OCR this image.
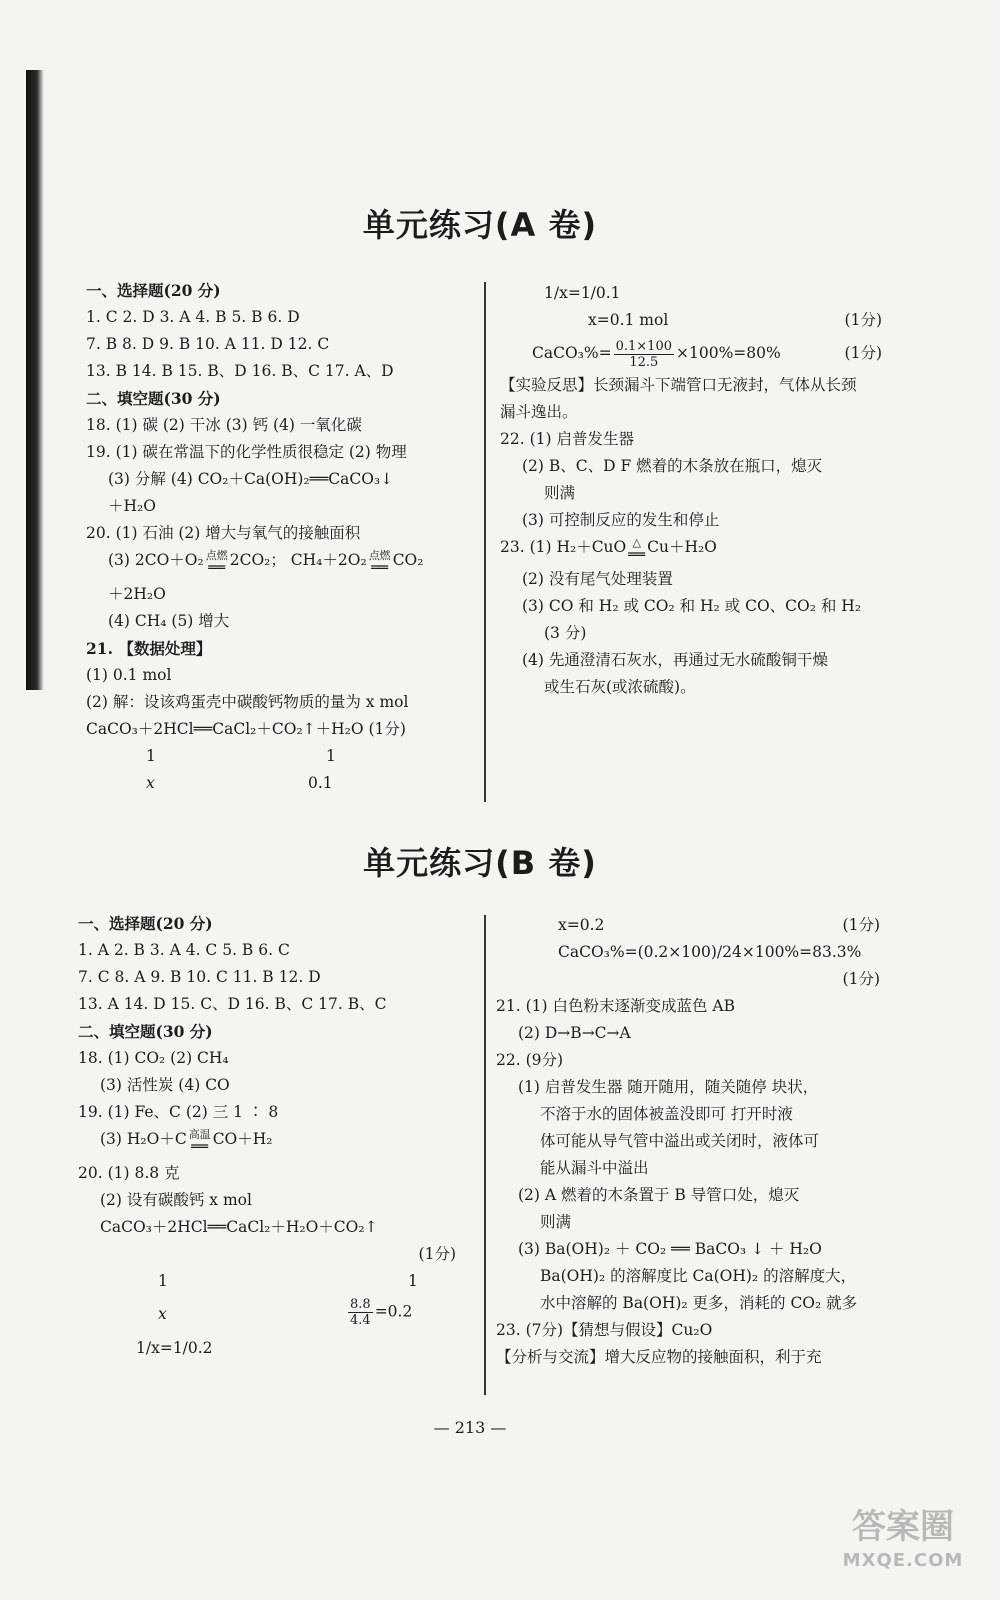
单元练习(A 卷)
一、选择题(20 分)
1. C 2. D 3. A 4. B 5. B 6. D
7. B 8. D 9. B 10. A 11. D 12. C
13. B 14. B 15. B、D 16. B、C 17. A、D
二、填空题(30 分)
18. (1) 碳 (2) 干冰 (3) 钙 (4) 一氧化碳
19. (1) 碳在常温下的化学性质很稳定 (2) 物理
(3) 分解 (4) CO₂＋Ca(OH)₂══CaCO₃↓
＋H₂O
20. (1) 石油 (2) 增大与氧气的接触面积
(3) 2CO＋O₂ 点燃
══ 2CO₂； CH₄＋2O₂ 点燃
══ CO₂
＋2H₂O
(4) CH₄ (5) 增大
21. 【数据处理】
(1) 0.1 mol
(2) 解：设该鸡蛋壳中碳酸钙物质的量为 x mol
CaCO₃＋2HCl══CaCl₂＋CO₂↑＋H₂O (1分)
1	1
x	0.1
1/x=1/0.1
x=0.1 mol	(1分)
CaCO₃%= $\frac{0.1\times 100}{12.5} \times 100\%=80\%$	(1分)
【实验反思】长颈漏斗下端管口无液封，气体从长颈
漏斗逸出。
22. (1) 启普发生器
(2) B、C、D F 燃着的木条放在瓶口，熄灭
则满
(3) 可控制反应的发生和停止
23. (1) H₂＋CuO △
══ Cu＋H₂O
(2) 没有尾气处理装置
(3) CO 和 H₂ 或 CO₂ 和 H₂ 或 CO、CO₂ 和 H₂
(3 分)
(4) 先通澄清石灰水，再通过无水硫酸铜干燥
或生石灰(或浓硫酸)。
单元练习(B 卷)
一、选择题(20 分)
1. A 2. B 3. A 4. C 5. B 6. C
7. C 8. A 9. B 10. C 11. B 12. D
13. A 14. D 15. C、D 16. B、C 17. B、C
二、填空题(30 分)
18. (1) CO₂ (2) CH₄
(3) 活性炭 (4) CO
19. (1) Fe、C (2) 三 1 ∶ 8
(3) H₂O＋C 高温
══ CO＋H₂
20. (1) 8.8 克
(2) 设有碳酸钙 x mol
CaCO₃＋2HCl══CaCl₂＋H₂O＋CO₂↑
(1分)
1	1
x	$\frac{8.8}{4.4} =0.2$
1/x=1/0.2
x=0.2	(1分)
CaCO₃%=(0.2×100)/24×100%=83.3%
(1分)
21. (1) 白色粉末逐渐变成蓝色 AB
(2) D→B→C→A
22. (9分)
(1) 启普发生器 随开随用，随关随停 块状，
不溶于水的固体被盖没即可 打开时液
体可能从导气管中溢出或关闭时，液体可
能从漏斗中溢出
(2) A 燃着的木条置于 B 导管口处，熄灭
则满
(3) Ba(OH)₂ ＋ CO₂ ══ BaCO₃ ↓ ＋ H₂O
Ba(OH)₂ 的溶解度比 Ca(OH)₂ 的溶解度大，
水中溶解的 Ba(OH)₂ 更多，消耗的 CO₂ 就多
23. (7分)【猜想与假设】Cu₂O
【分析与交流】增大反应物的接触面积，利于充
— 213 —
答案圈
MXQE.COM
